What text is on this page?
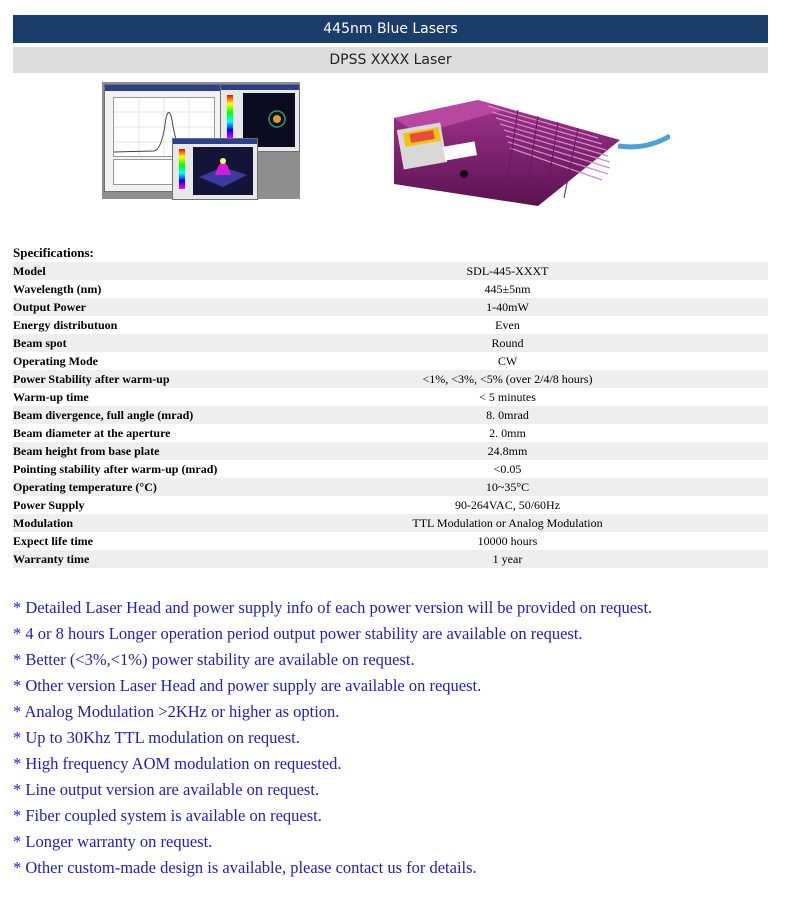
445nm Blue Lasers
DPSS XXXX Laser
Specifications:
Model	SDL-445-XXXT
Wavelength (nm)	445±5nm
Output Power	1-40mW
Energy distributuon	Even
Beam spot	Round
Operating Mode	CW
Power Stability after warm-up	<1%, <3%, <5% (over 2/4/8 hours)
Warm-up time	< 5 minutes
Beam divergence, full angle (mrad)	8. 0mrad
Beam diameter at the aperture	2. 0mm
Beam height from base plate	24.8mm
Pointing stability after warm-up (mrad)	<0.05
Operating temperature (°C)	10~35°C
Power Supply	90-264VAC, 50/60Hz
Modulation	TTL Modulation or Analog Modulation
Expect life time	10000 hours
Warranty time	1 year
* Detailed Laser Head and power supply info of each power version will be provided on request.
* 4 or 8 hours Longer operation period output power stability are available on request.
* Better (<3%,<1%) power stability are available on request.
* Other version Laser Head and power supply are available on request.
* Analog Modulation >2KHz or higher as option.
* Up to 30Khz TTL modulation on request.
* High frequency AOM modulation on requested.
* Line output version are available on request.
* Fiber coupled system is available on request.
* Longer warranty on request.
* Other custom-made design is available, please contact us for details.
